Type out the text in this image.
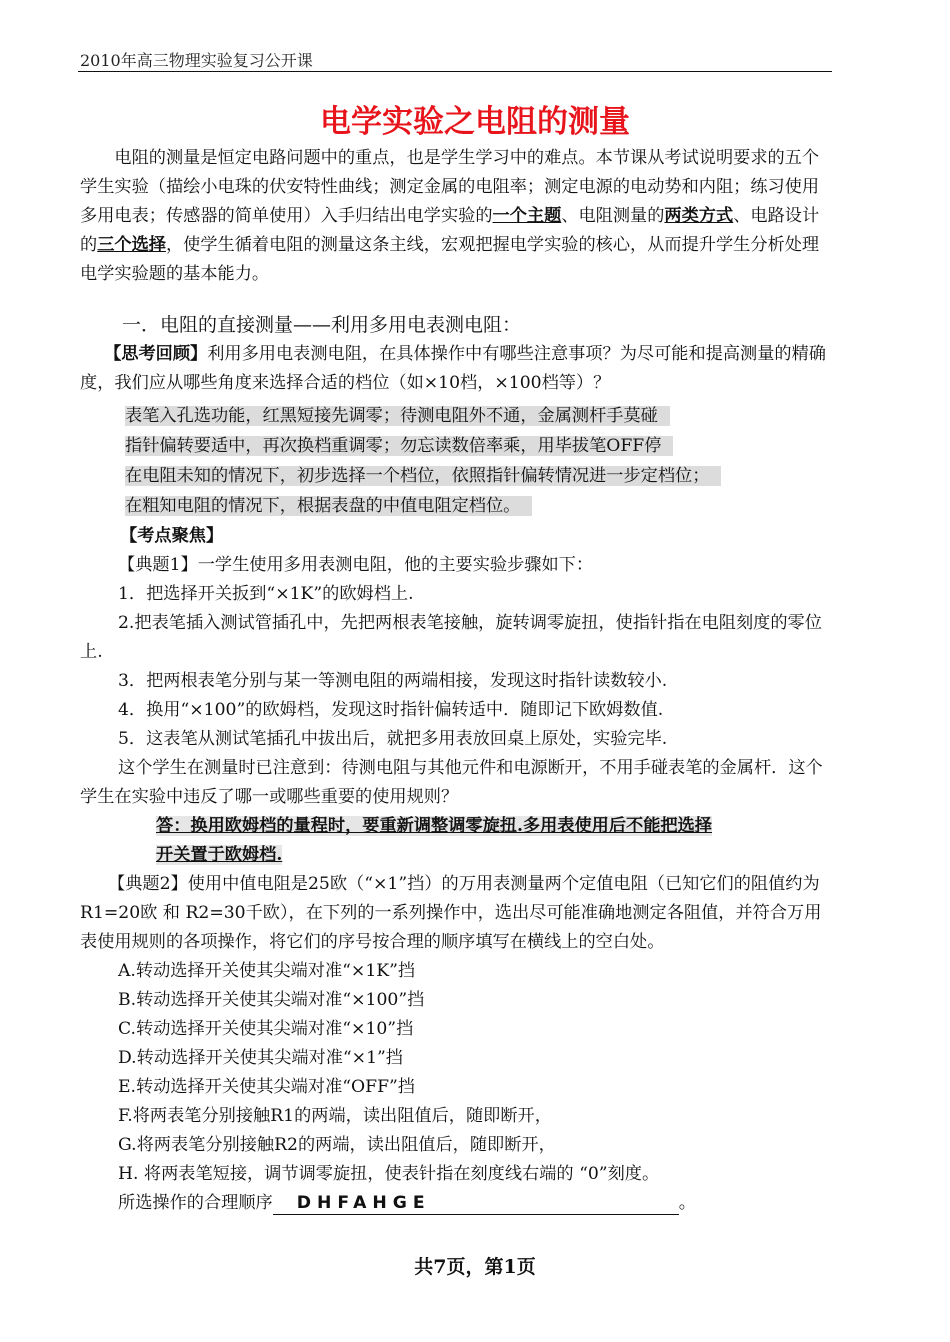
2010年高三物理实验复习公开课
电学实验之电阻的测量

电阻的测量是恒定电路问题中的重点，也是学生学习中的难点。本节课从考试说明要求的五个学生实验（描绘小电珠的伏安特性曲线；测定金属的电阻率；测定电源的电动势和内阻；练习使用多用电表；传感器的简单使用）入手归结出电学实验的一个主题、电阻测量的两类方式、电路设计的三个选择，使学生循着电阻的测量这条主线，宏观把握电学实验的核心，从而提升学生分析处理电学实验题的基本能力。

一．电阻的直接测量——利用多用电表测电阻：

【思考回顾】利用多用电表测电阻，在具体操作中有哪些注意事项？为尽可能和提高测量的精确度，我们应从哪些角度来选择合适的档位（如×10档，×100档等）？

表笔入孔选功能，红黑短接先调零；待测电阻外不通，金属测杆手莫碰

指针偏转要适中，再次换档重调零；勿忘读数倍率乘，用毕拔笔OFF停

在电阻未知的情况下，初步选择一个档位，依照指针偏转情况进一步定档位；

在粗知电阻的情况下，根据表盘的中值电阻定档位。

【考点聚焦】

【典题1】一学生使用多用表测电阻，他的主要实验步骤如下：

1．把选择开关扳到“×1K”的欧姆档上.

2.把表笔插入测试管插孔中，先把两根表笔接触，旋转调零旋扭，使指针指在电阻刻度的零位上.

3．把两根表笔分别与某一等测电阻的两端相接，发现这时指针读数较小.

4．换用“×100”的欧姆档，发现这时指针偏转适中．随即记下欧姆数值.

5．这表笔从测试笔插孔中拔出后，就把多用表放回桌上原处，实验完毕.

这个学生在测量时已注意到：待测电阻与其他元件和电源断开，不用手碰表笔的金属杆．这个学生在实验中违反了哪一或哪些重要的使用规则？

答：换用欧姆档的量程时，要重新调整调零旋扭.多用表使用后不能把选择

开关置于欧姆档.

【典题2】使用中值电阻是25欧（“×1”挡）的万用表测量两个定值电阻（已知它们的阻值约为 R1=20欧 和 R2=30千欧），在下列的一系列操作中，选出尽可能准确地测定各阻值，并符合万用表使用规则的各项操作，将它们的序号按合理的顺序填写在横线上的空白处。

A.转动选择开关使其尖端对准“×1K”挡

B.转动选择开关使其尖端对准“×100”挡

C.转动选择开关使其尖端对准“×10”挡

D.转动选择开关使其尖端对准“×1”挡

E.转动选择开关使其尖端对准“OFF”挡

F.将两表笔分别接触R1的两端，读出阻值后，随即断开，

G.将两表笔分别接触R2的两端，读出阻值后，随即断开，

H. 将两表笔短接，调节调零旋扭，使表针指在刻度线右端的 “0”刻度。

所选操作的合理顺序 DHFAHGE	。

共7页，第1页
